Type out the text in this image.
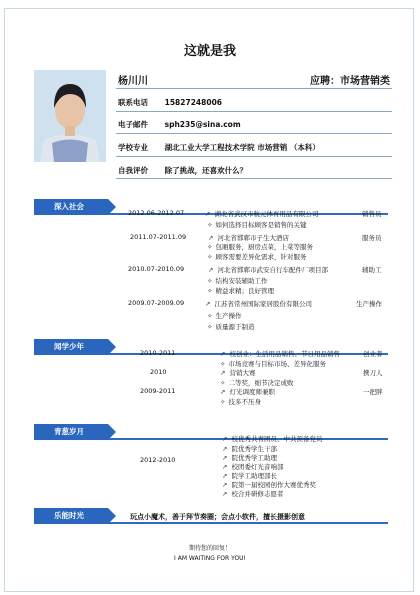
这就是我
杨川川	应聘：市场营销类
联系电话 15827248006
电子邮件 sph235@sina.com
学校专业 湖北工业大学工程技术学院 市场营销 （本科）
自我评价 除了挑战，还喜欢什么？
深入社会
2012.06-2012.07	↗ 湖北省武汉市航元体育用品有限公司	销售员
✧ 如何选择目标顾客是销售的关键
2011.07-2011.09	↗ 河北省邯郸市子生大酒店	服务员
✧ 包厢服务，厨房点菜，上菜等服务
✧ 顾客需要差异化需求，针对服务
2010.07-2010.09	↗ 河北省邯郸市武安自行车配件厂项目部	辅助工
✧ 结构安装辅助工作
✧ 精益求精；良好管理
2009.07-2009.09	↗ 江苏省常州国际家居股份有限公司	生产操作
✧ 生产操作
✧ 质量源于制造
闻学少年
2010-2011	↗ 校创业：生活用品销售、节日用品销售	创业者
✧ 市场竞赛与目标市场、差异化服务
2010	↗ 营销大赛	携刀人
✧ 二等奖，细节决定成败
2009-2011	↗ 灯光调度师兼职	一把胖
✧ 技多不压身
青葱岁月
2012-2010
↗ 校优秀共青团员、中共预备党员
↗ 院优秀学生干部
↗ 院优秀学工助理
↗ 校团委灯光音响部
↗ 院学工助理部长
↗ 院第一届校园创作大赛优秀奖
↗ 校合并研修志愿者
乐能时光	玩点小魔术，善于拜节奏圈；会点小软件，擅长摄影创意
期待您的回复！
I AM WAITING FOR YOU!
